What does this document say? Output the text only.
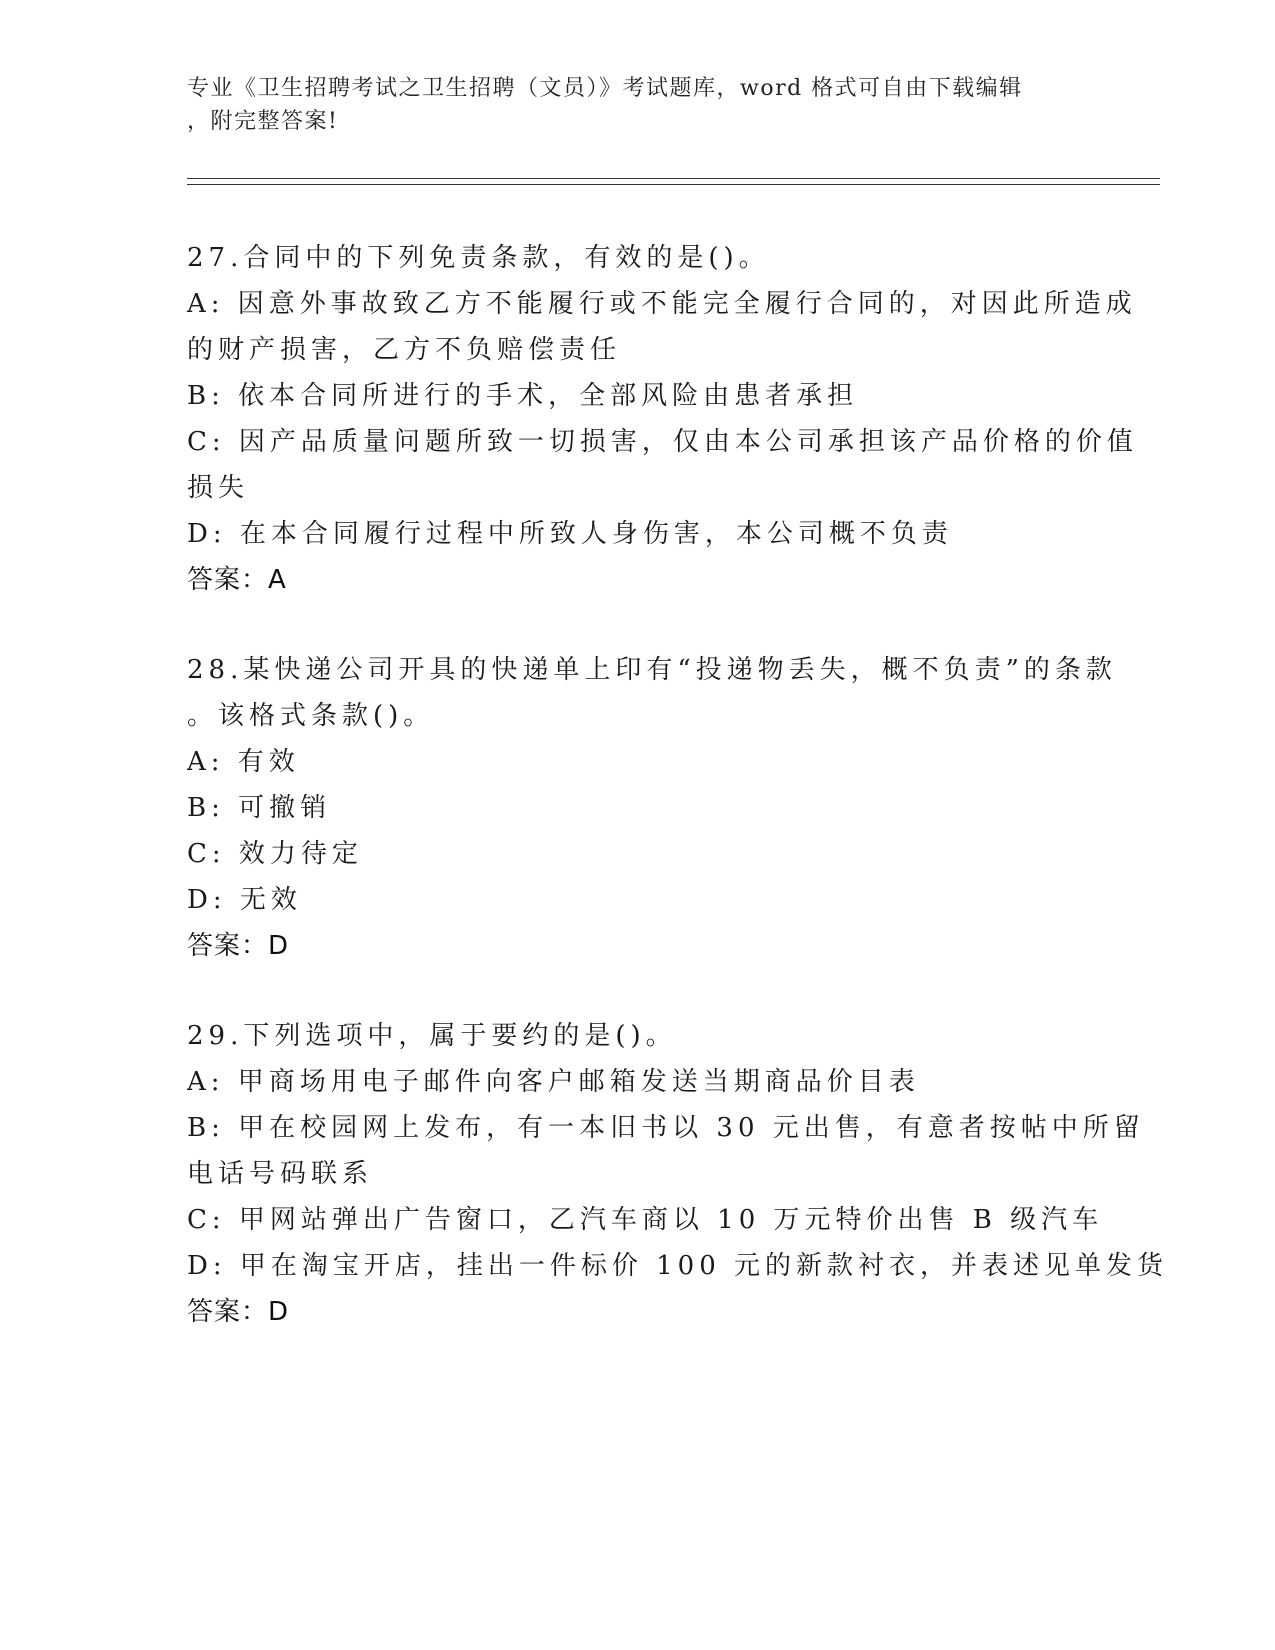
专业《卫生招聘考试之卫生招聘（文员）》考试题库，word 格式可自由下载编辑
，附完整答案!
27.合同中的下列免责条款，有效的是()。
A: 因意外事故致乙方不能履行或不能完全履行合同的，对因此所造成
的财产损害，乙方不负赔偿责任
B: 依本合同所进行的手术，全部风险由患者承担
C: 因产品质量问题所致一切损害，仅由本公司承担该产品价格的价值
损失
D: 在本合同履行过程中所致人身伤害，本公司概不负责
答案：A
28.某快递公司开具的快递单上印有“投递物丢失，概不负责”的条款
。该格式条款()。
A: 有效
B: 可撤销
C: 效力待定
D: 无效
答案：D
29.下列选项中，属于要约的是()。
A: 甲商场用电子邮件向客户邮箱发送当期商品价目表
B: 甲在校园网上发布，有一本旧书以 30 元出售，有意者按帖中所留
电话号码联系
C: 甲网站弹出广告窗口，乙汽车商以 10 万元特价出售 B 级汽车
D: 甲在淘宝开店，挂出一件标价 100 元的新款衬衣，并表述见单发货
答案：D
